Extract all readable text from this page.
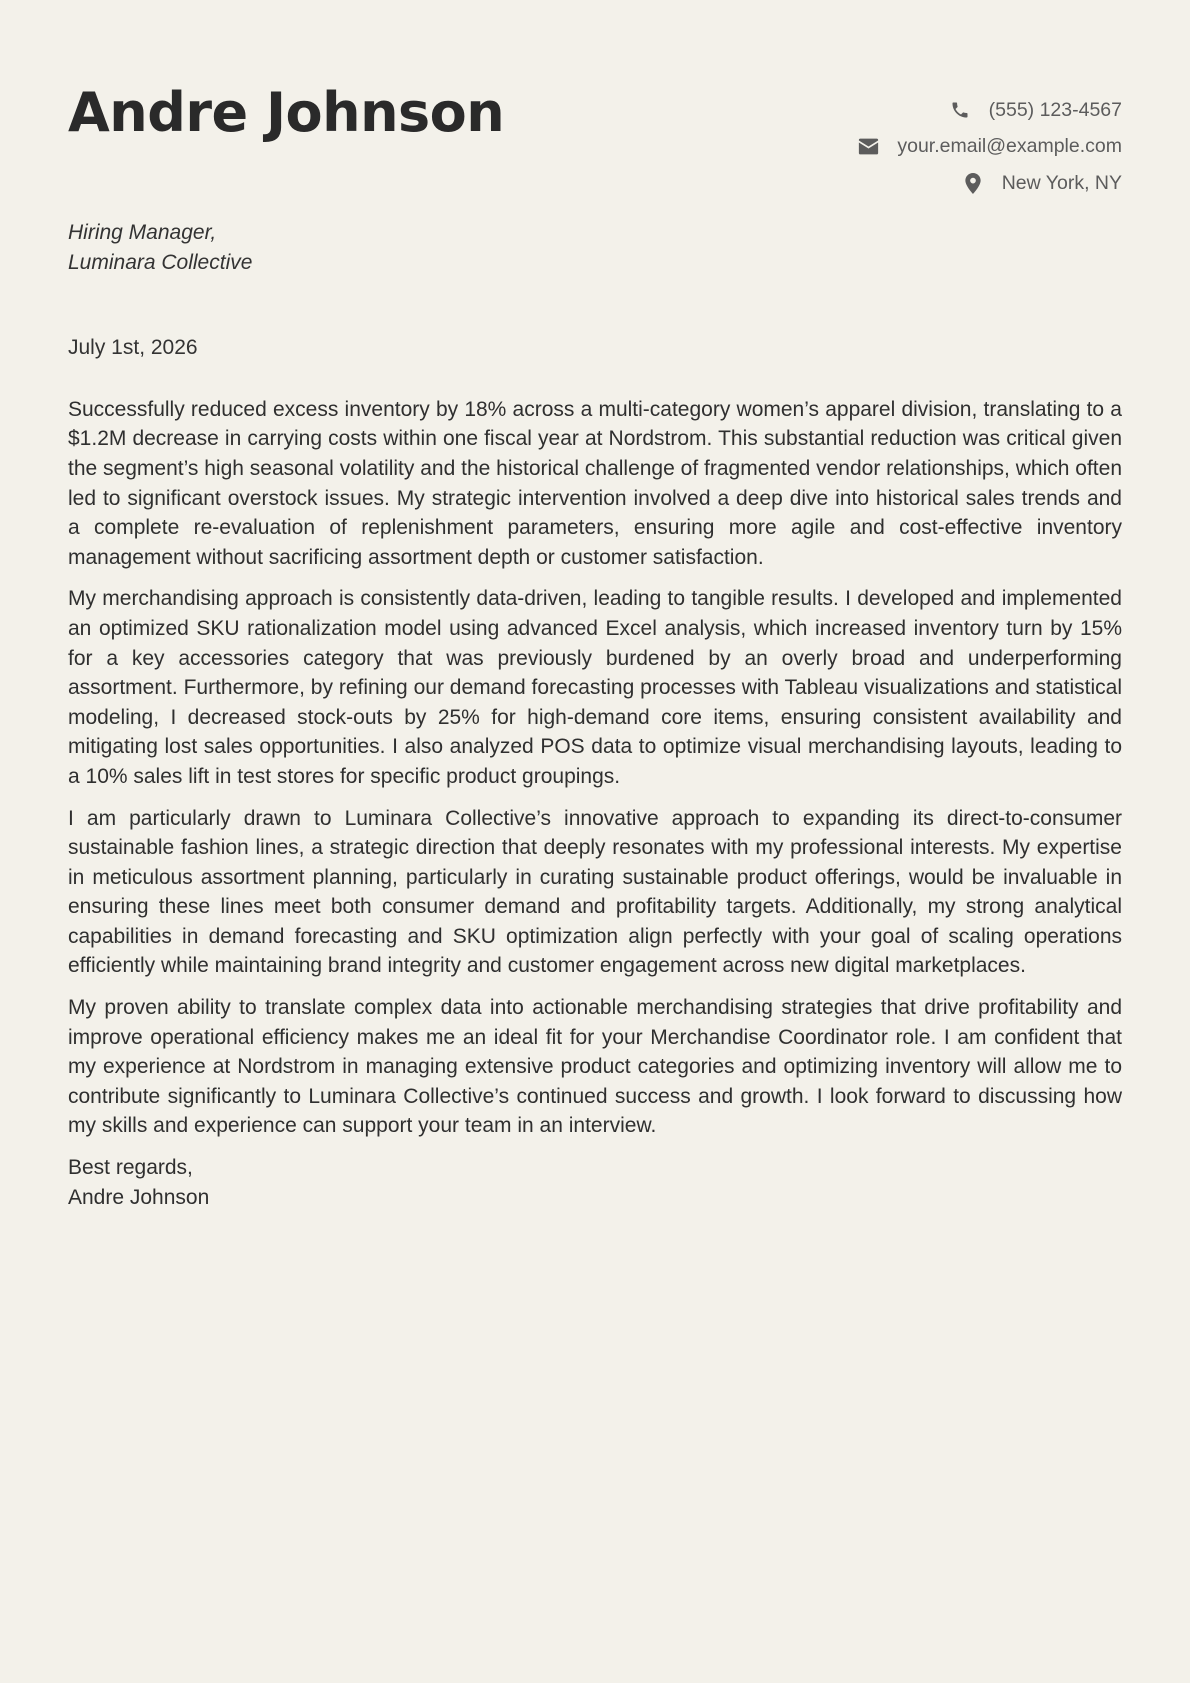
Andre Johnson	(555) 123-4567
your.email@example.com
New York, NY
Hiring Manager,
Luminara Collective
July 1st, 2026

Successfully reduced excess inventory by 18% across a multi-category women’s apparel division, translating to a $1.2M decrease in carrying costs within one fiscal year at Nordstrom. This substantial reduction was critical given the segment’s high seasonal volatility and the historical challenge of fragmented vendor relationships, which often led to significant overstock issues. My strategic intervention involved a deep dive into historical sales trends and a complete re-evaluation of replenishment parameters, ensuring more agile and cost-effective inventory management without sacrificing assortment depth or customer satisfaction.

My merchandising approach is consistently data-driven, leading to tangible results. I developed and implemented an optimized SKU rationalization model using advanced Excel analysis, which increased inventory turn by 15% for a key accessories category that was previously burdened by an overly broad and underperforming assortment. Furthermore, by refining our demand forecasting processes with Tableau visualizations and statistical modeling, I decreased stock-outs by 25% for high-demand core items, ensuring consistent availability and mitigating lost sales opportunities. I also analyzed POS data to optimize visual merchandising layouts, leading to a 10% sales lift in test stores for specific product groupings.

I am particularly drawn to Luminara Collective’s innovative approach to expanding its direct-to-consumer sustainable fashion lines, a strategic direction that deeply resonates with my professional interests. My expertise in meticulous assortment planning, particularly in curating sustainable product offerings, would be invaluable in ensuring these lines meet both consumer demand and profitability targets. Additionally, my strong analytical capabilities in demand forecasting and SKU optimization align perfectly with your goal of scaling operations efficiently while maintaining brand integrity and customer engagement across new digital marketplaces.

My proven ability to translate complex data into actionable merchandising strategies that drive profitability and improve operational efficiency makes me an ideal fit for your Merchandise Coordinator role. I am confident that my experience at Nordstrom in managing extensive product categories and optimizing inventory will allow me to contribute significantly to Luminara Collective’s continued success and growth. I look forward to discussing how my skills and experience can support your team in an interview.

Best regards,
Andre Johnson
